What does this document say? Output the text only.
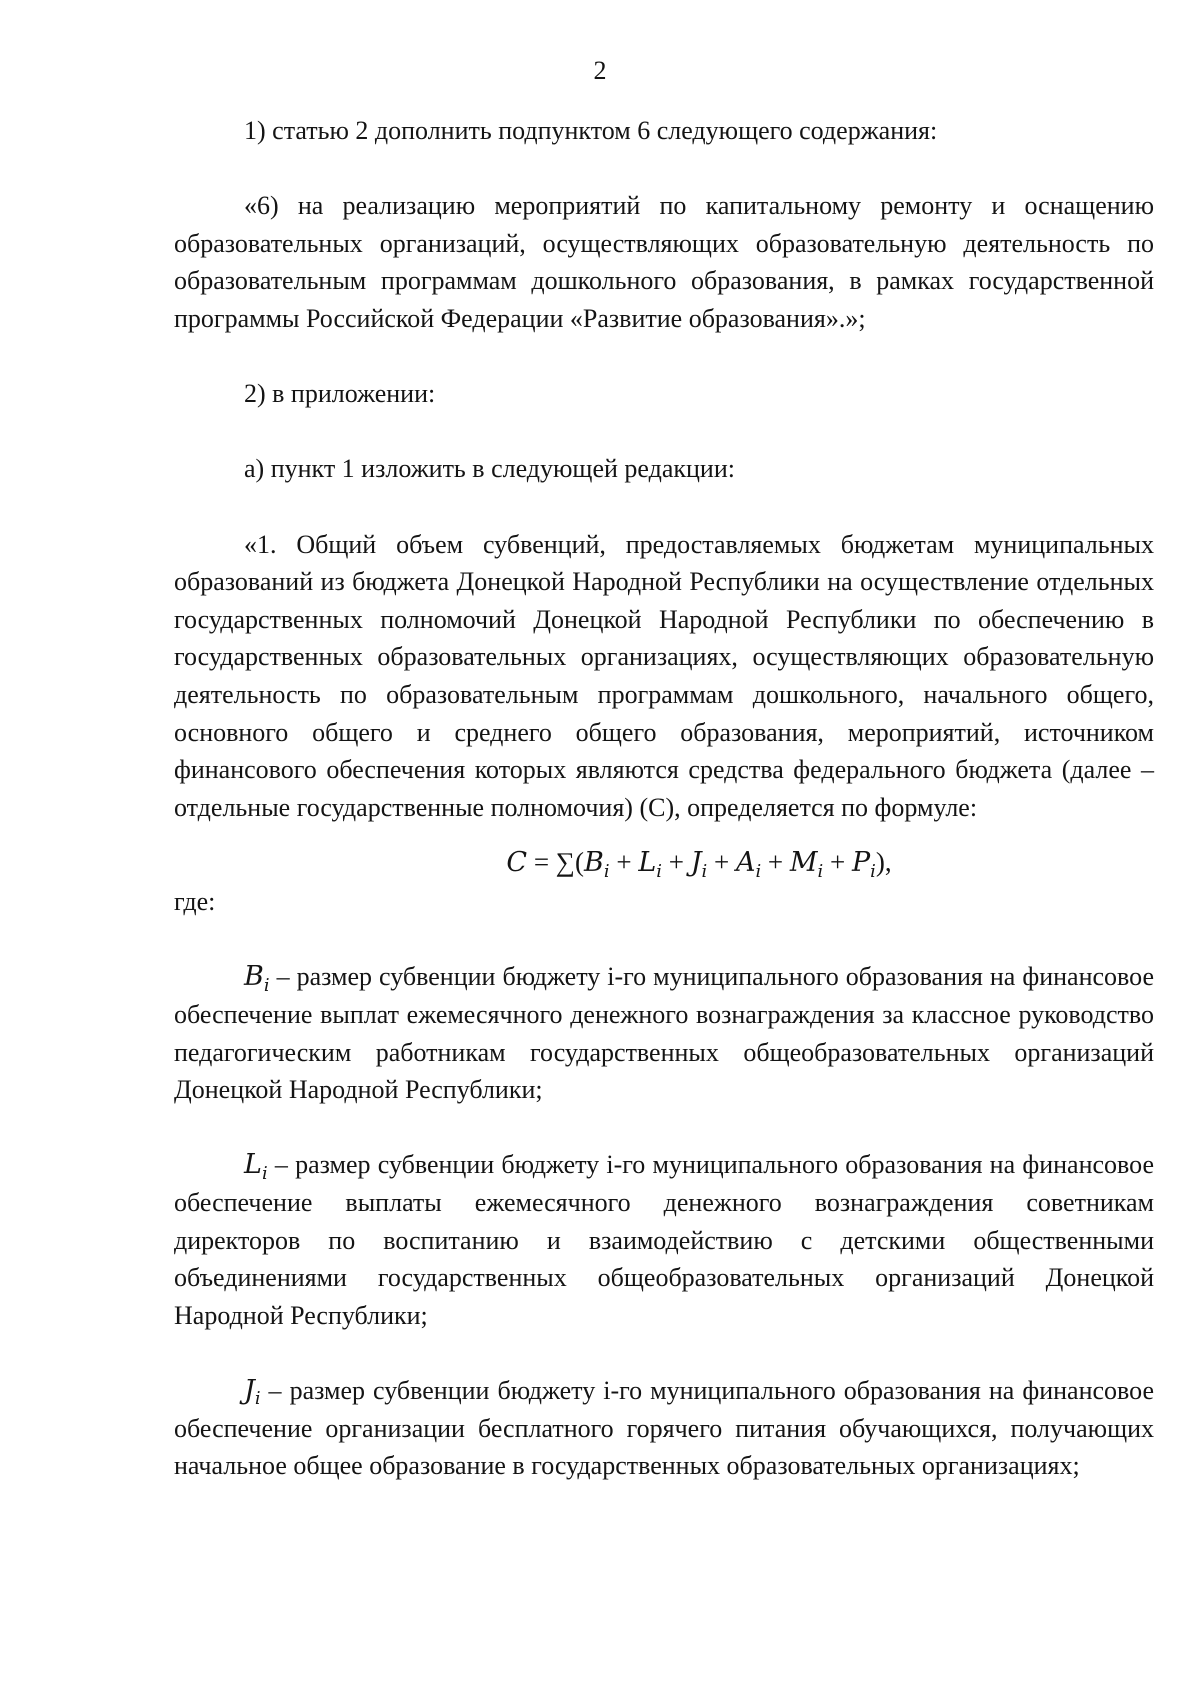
2

1) статью 2 дополнить подпунктом 6 следующего содержания:

«6) на реализацию мероприятий по капитальному ремонту и оснащению образовательных организаций, осуществляющих образовательную деятельность по образовательным программам дошкольного образования, в рамках государственной программы Российской Федерации «Развитие образования».»;

2) в приложении:

а) пункт 1 изложить в следующей редакции:

«1. Общий объем субвенций, предоставляемых бюджетам муниципальных образований из бюджета Донецкой Народной Республики на осуществление отдельных государственных полномочий Донецкой Народной Республики по обеспечению в государственных образовательных организациях, осуществляющих образовательную деятельность по образовательным программам дошкольного, начального общего, основного общего и среднего общего образования, мероприятий, источником финансового обеспечения которых являются средства федерального бюджета (далее – отдельные государственные полномочия) (С), определяется по формуле:

$C = \sum(B_i + L_i + J_i + A_i + M_i + P_i)$,

где:

$B_i$ – размер субвенции бюджету i-го муниципального образования на финансовое обеспечение выплат ежемесячного денежного вознаграждения за классное руководство педагогическим работникам государственных общеобразовательных организаций Донецкой Народной Республики;

$L_i$ – размер субвенции бюджету i-го муниципального образования на финансовое обеспечение выплаты ежемесячного денежного вознаграждения советникам директоров по воспитанию и взаимодействию с детскими общественными объединениями государственных общеобразовательных организаций Донецкой Народной Республики;

$J_i$ – размер субвенции бюджету i-го муниципального образования на финансовое обеспечение организации бесплатного горячего питания обучающихся, получающих начальное общее образование в государственных образовательных организациях;
